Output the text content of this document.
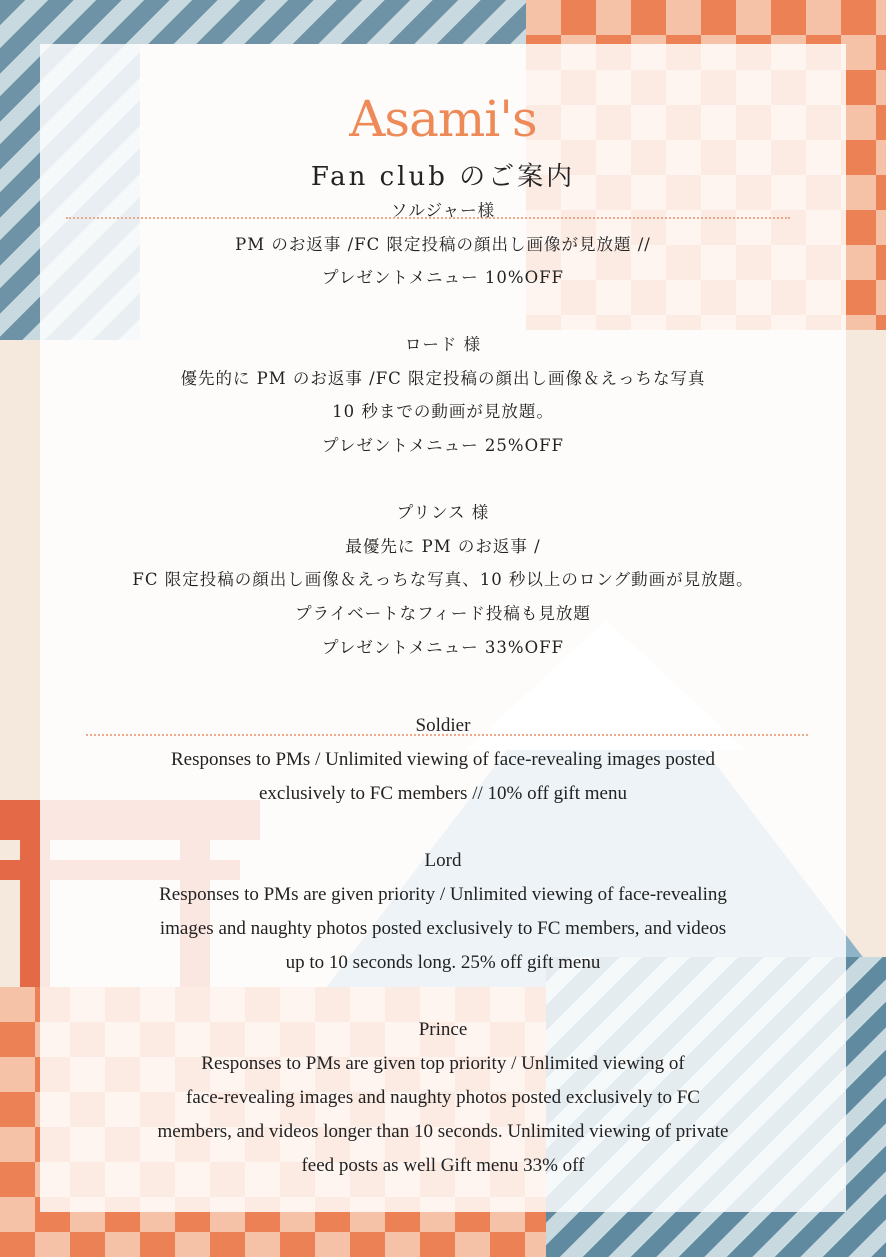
Asami's
Fan club のご案内
ソルジャー様
PM のお返事 /FC 限定投稿の顔出し画像が見放題 //
プレゼントメニュー 10%OFF
ロード 様
優先的に PM のお返事 /FC 限定投稿の顔出し画像＆えっちな写真
10 秒までの動画が見放題。
プレゼントメニュー 25%OFF
プリンス 様
最優先に PM のお返事 /
FC 限定投稿の顔出し画像＆えっちな写真、10 秒以上のロング動画が見放題。
プライベートなフィード投稿も見放題
プレゼントメニュー 33%OFF
Soldier
Responses to PMs / Unlimited viewing of face-revealing images posted
exclusively to FC members // 10% off gift menu
Lord
Responses to PMs are given priority / Unlimited viewing of face-revealing
images and naughty photos posted exclusively to FC members, and videos
up to 10 seconds long. 25% off gift menu
Prince
Responses to PMs are given top priority / Unlimited viewing of
face-revealing images and naughty photos posted exclusively to FC
members, and videos longer than 10 seconds. Unlimited viewing of private
feed posts as well Gift menu 33% off
